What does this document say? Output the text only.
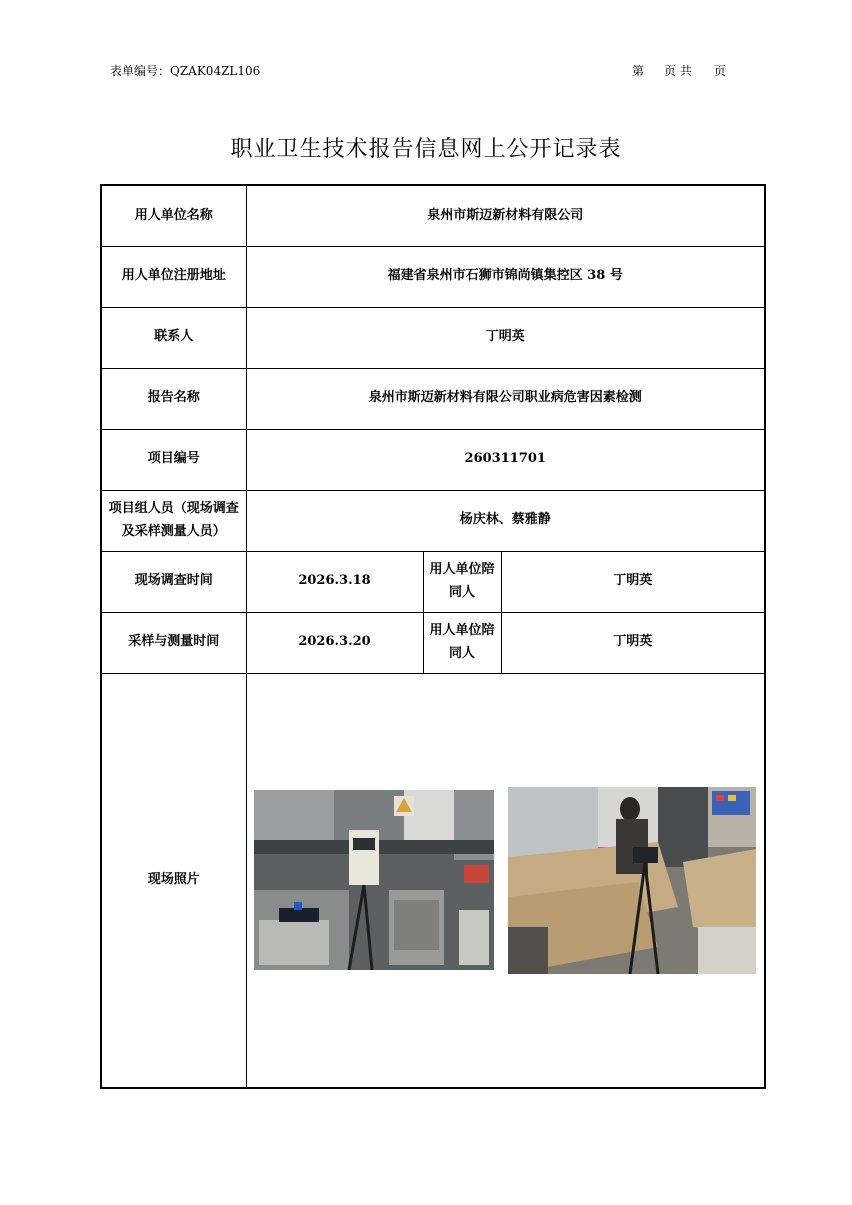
表单编号：QZAK04ZL106	第 页 共 页
职业卫生技术报告信息网上公开记录表
用人单位名称	泉州市斯迈新材料有限公司		
用人单位注册地址	福建省泉州市石狮市锦尚镇集控区 38 号		
联系人	丁明英		
报告名称	泉州市斯迈新材料有限公司职业病危害因素检测		
项目编号	260311701		
项目组人员（现场调查及采样测量人员）	杨庆林、蔡雅静		
现场调查时间	2026.3.18	用人单位陪同人	丁明英
采样与测量时间	2026.3.20	用人单位陪同人	丁明英
现场照片	
